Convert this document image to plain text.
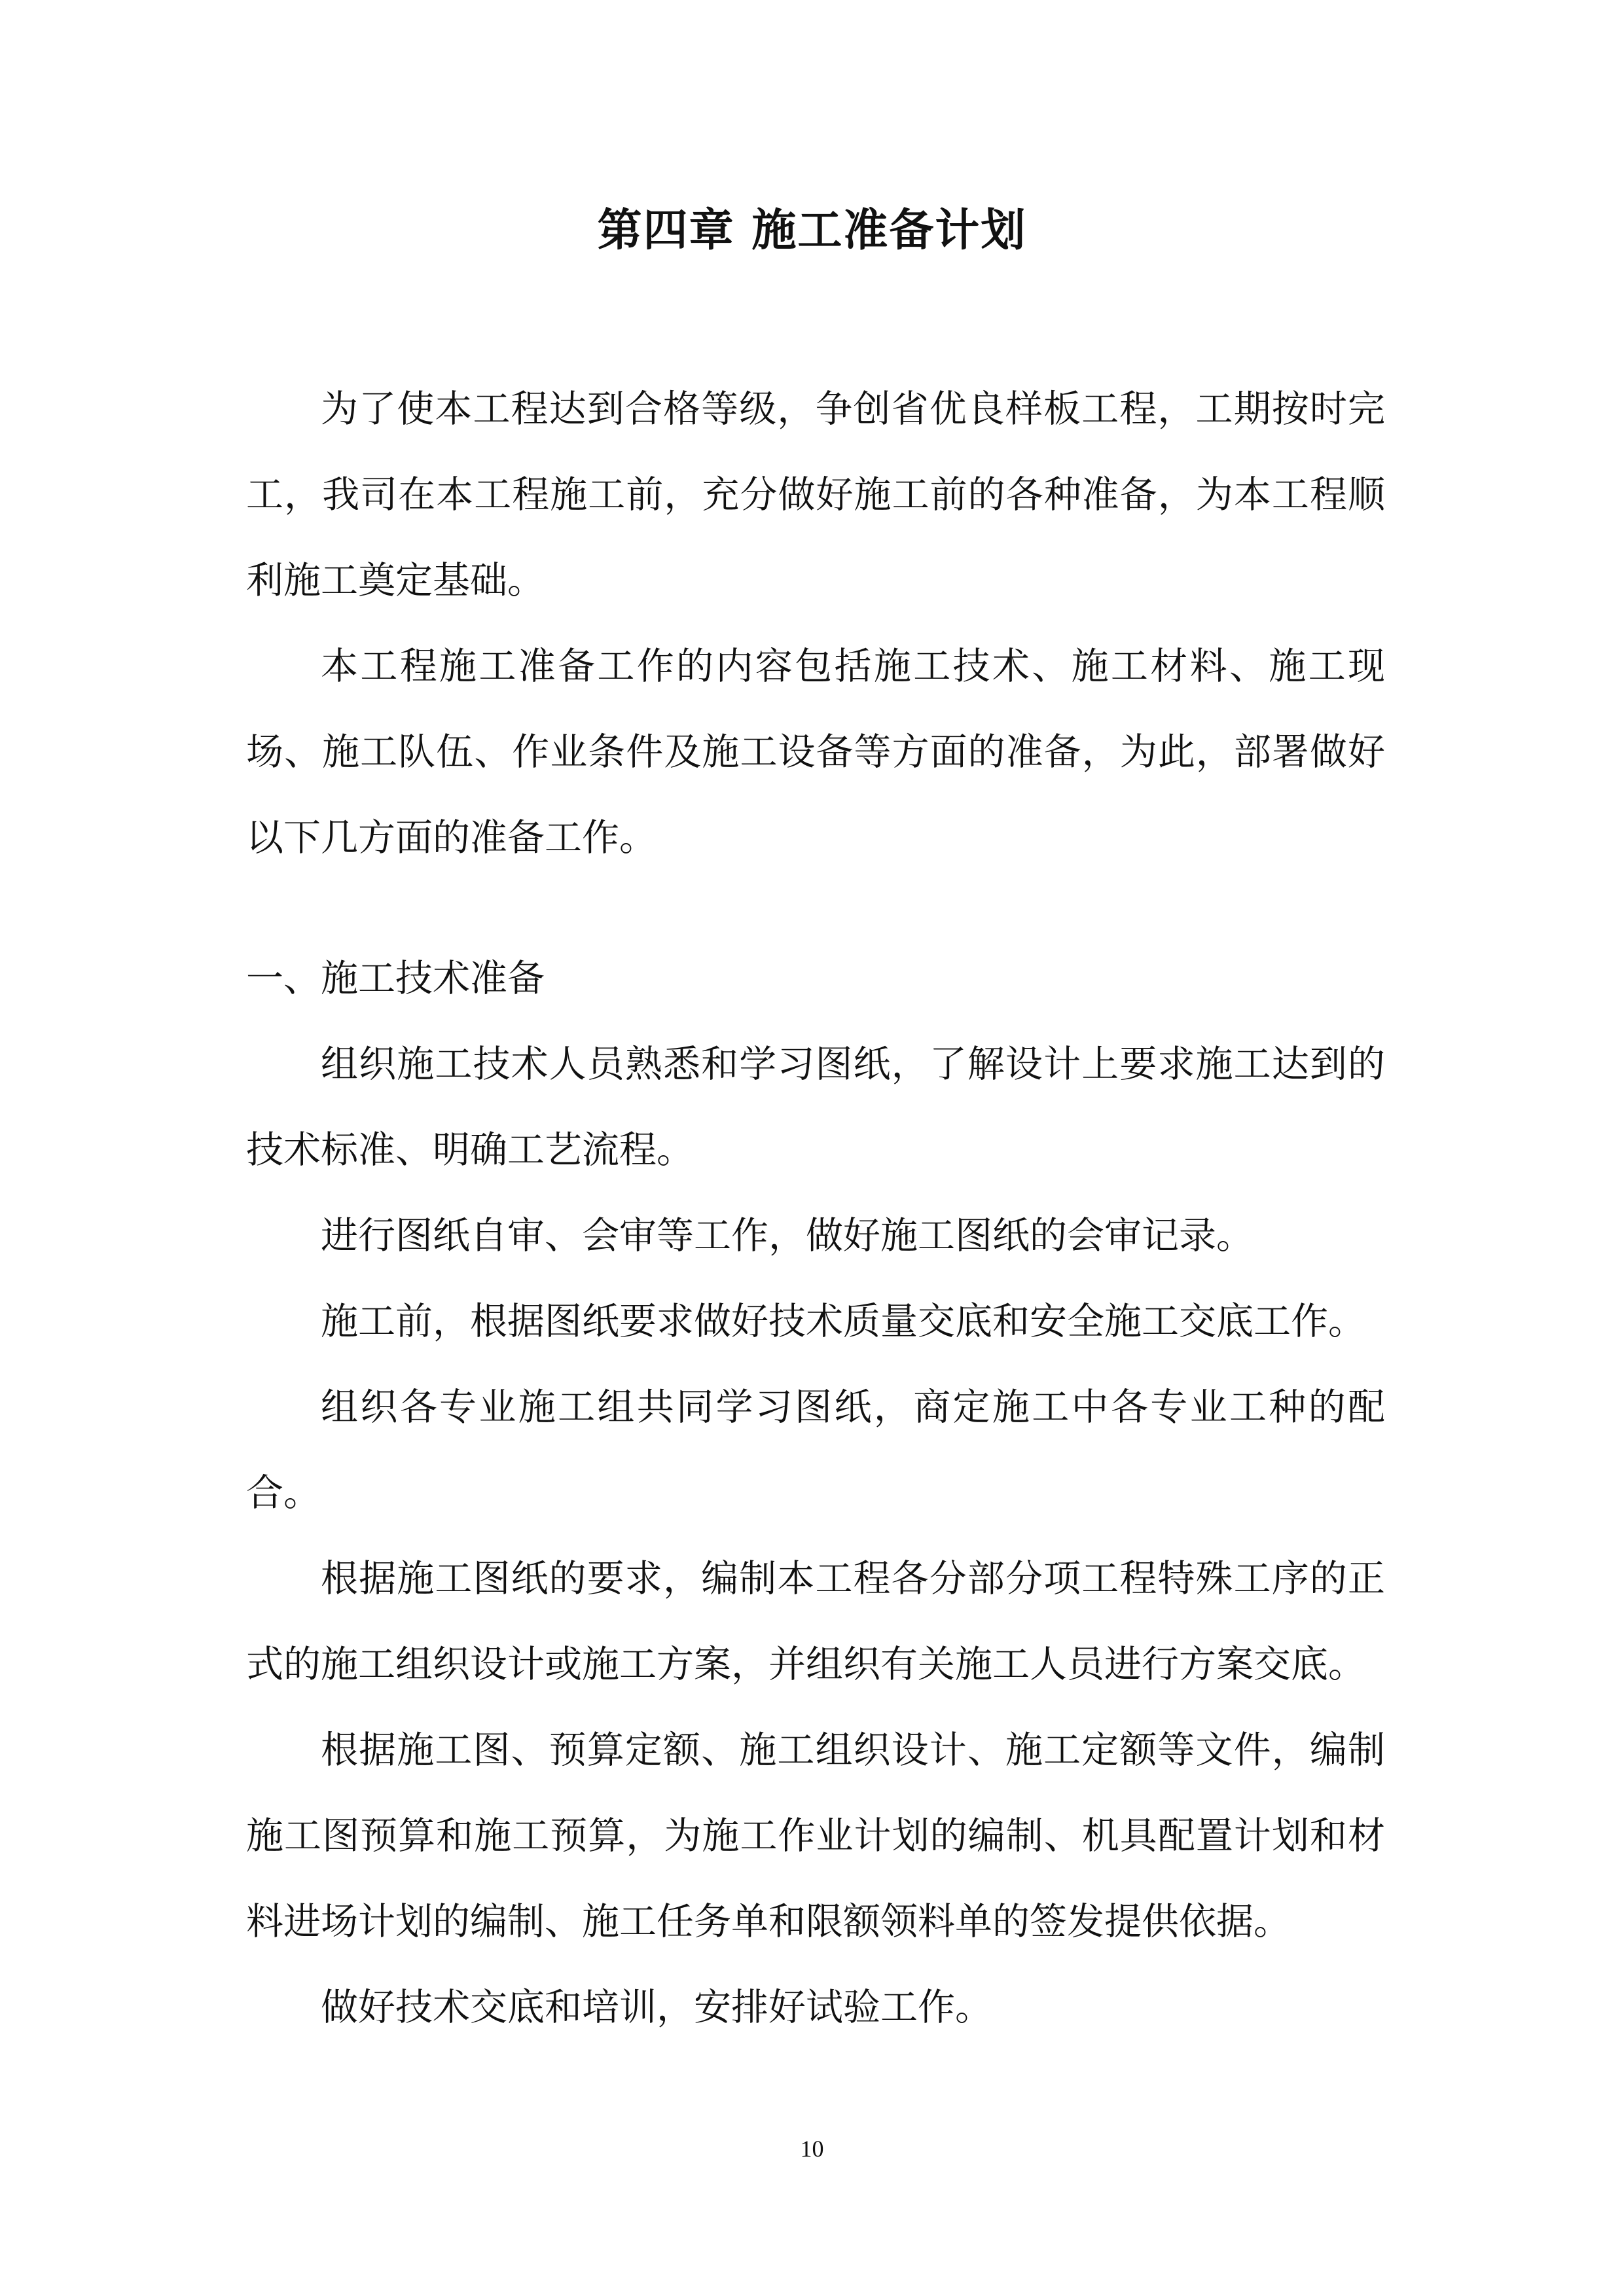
第四章 施工准备计划

为了使本工程达到合格等级，争创省优良样板工程，工期按时完工，我司在本工程施工前，充分做好施工前的各种准备，为本工程顺利施工奠定基础。

本工程施工准备工作的内容包括施工技术、施工材料、施工现场、施工队伍、作业条件及施工设备等方面的准备，为此，部署做好以下几方面的准备工作。

一、施工技术准备

组织施工技术人员熟悉和学习图纸，了解设计上要求施工达到的技术标准、明确工艺流程。

进行图纸自审、会审等工作，做好施工图纸的会审记录。

施工前，根据图纸要求做好技术质量交底和安全施工交底工作。

组织各专业施工组共同学习图纸，商定施工中各专业工种的配合。

根据施工图纸的要求，编制本工程各分部分项工程特殊工序的正式的施工组织设计或施工方案，并组织有关施工人员进行方案交底。

根据施工图、预算定额、施工组织设计、施工定额等文件，编制施工图预算和施工预算，为施工作业计划的编制、机具配置计划和材料进场计划的编制、施工任务单和限额领料单的签发提供依据。

做好技术交底和培训，安排好试验工作。

10
